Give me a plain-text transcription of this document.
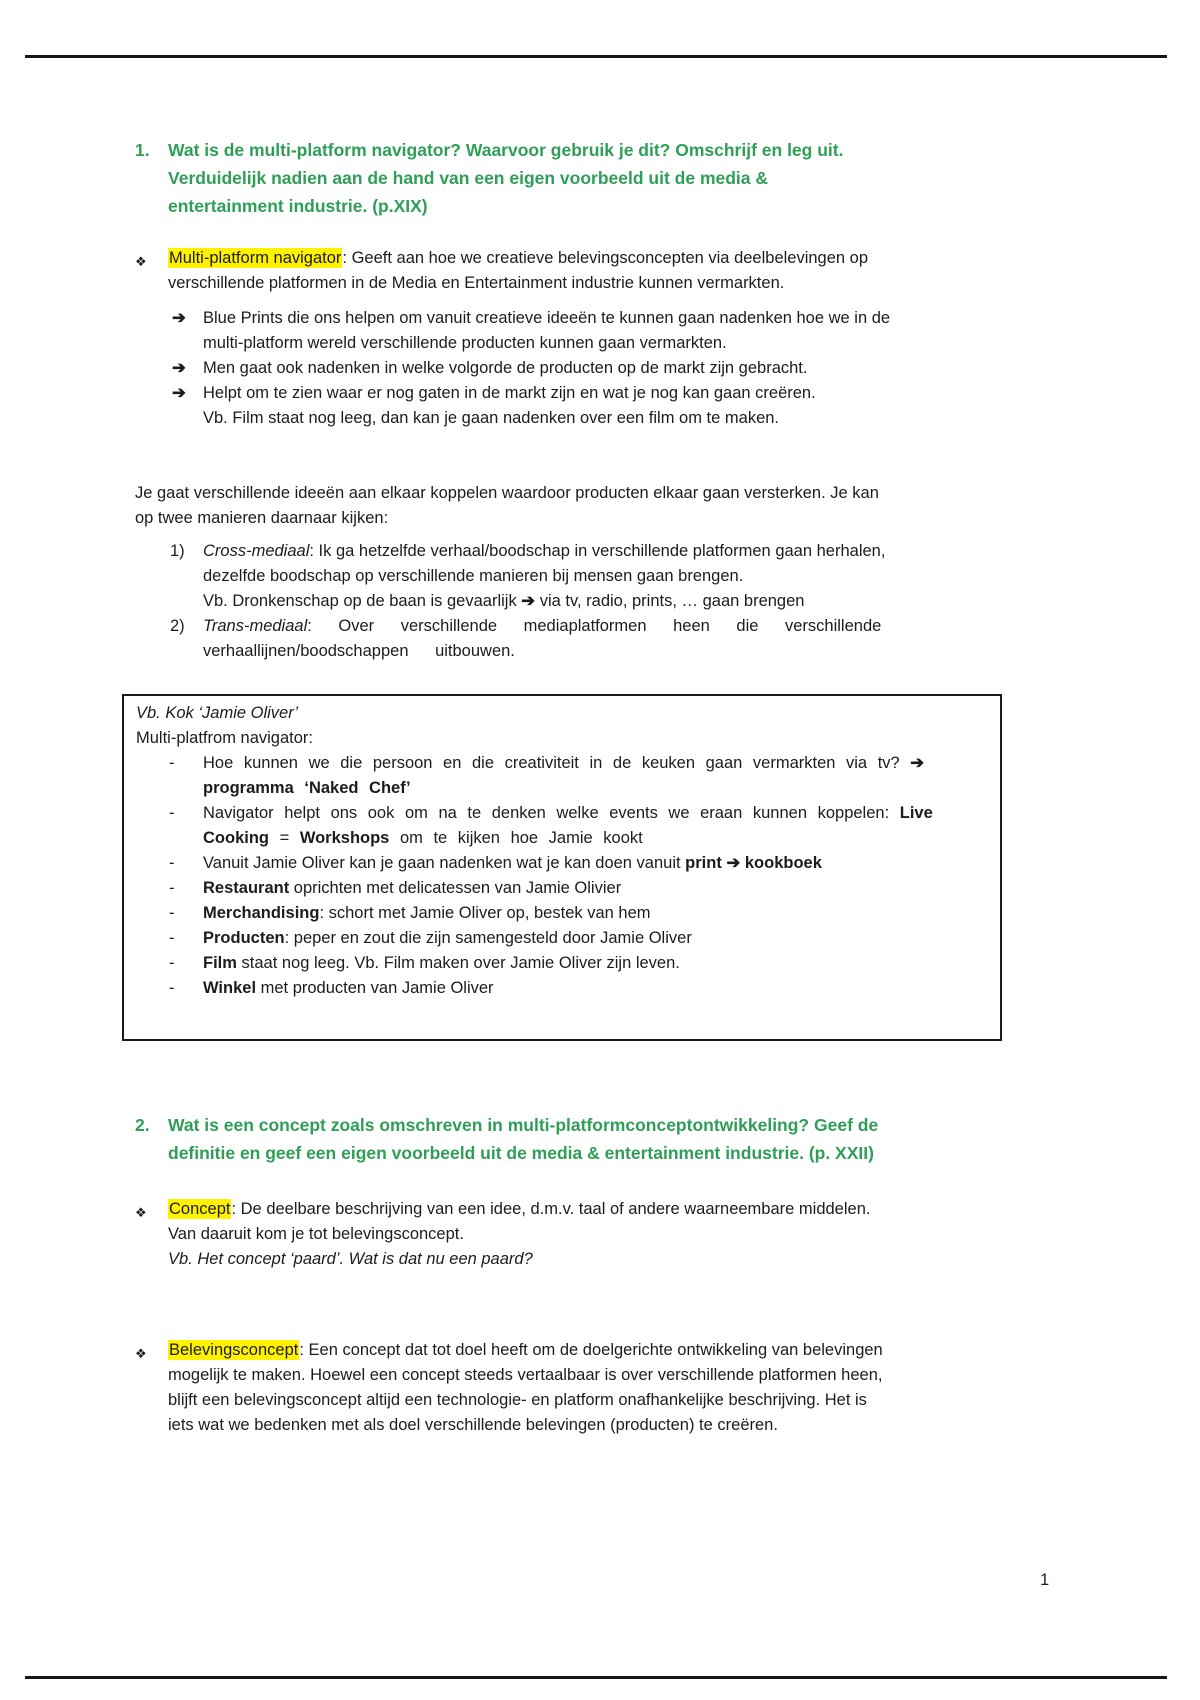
1.	Wat is de multi-platform navigator? Waarvoor gebruik je dit? Omschrijf en leg uit.
Verduidelijk nadien aan de hand van een eigen voorbeeld uit de media &
entertainment industrie. (p.XIX)
❖	Multi-platform navigator: Geeft aan hoe we creatieve belevingsconcepten via deelbelevingen op
verschillende platformen in de Media en Entertainment industrie kunnen vermarkten.
➔	Blue Prints die ons helpen om vanuit creatieve ideeën te kunnen gaan nadenken hoe we in de
multi-platform wereld verschillende producten kunnen gaan vermarkten.
➔	Men gaat ook nadenken in welke volgorde de producten op de markt zijn gebracht.
➔	Helpt om te zien waar er nog gaten in de markt zijn en wat je nog kan gaan creëren.
Vb. Film staat nog leeg, dan kan je gaan nadenken over een film om te maken.
Je gaat verschillende ideeën aan elkaar koppelen waardoor producten elkaar gaan versterken. Je kan
op twee manieren daarnaar kijken:
1)	Cross-mediaal: Ik ga hetzelfde verhaal/boodschap in verschillende platformen gaan herhalen,
dezelfde boodschap op verschillende manieren bij mensen gaan brengen.
Vb. Dronkenschap op de baan is gevaarlijk ➔ via tv, radio, prints, … gaan brengen
2)	Trans-mediaal: Over verschillende mediaplatformen heen die verschillende verhaallijnen/boodschappen uitbouwen.
Vb. Kok ‘Jamie Oliver’
Multi-platfrom navigator:
-	Hoe kunnen we die persoon en die creativiteit in de keuken gaan vermarkten via tv? ➔
programma ‘Naked Chef’
-	Navigator helpt ons ook om na te denken welke events we eraan kunnen koppelen: Live
Cooking = Workshops om te kijken hoe Jamie kookt
-	Vanuit Jamie Oliver kan je gaan nadenken wat je kan doen vanuit print ➔ kookboek
-	Restaurant oprichten met delicatessen van Jamie Olivier
-	Merchandising: schort met Jamie Oliver op, bestek van hem
-	Producten: peper en zout die zijn samengesteld door Jamie Oliver
-	Film staat nog leeg. Vb. Film maken over Jamie Oliver zijn leven.
-	Winkel met producten van Jamie Oliver
2.	Wat is een concept zoals omschreven in multi-platformconceptontwikkeling? Geef de
definitie en geef een eigen voorbeeld uit de media & entertainment industrie. (p. XXII)
❖	Concept: De deelbare beschrijving van een idee, d.m.v. taal of andere waarneembare middelen.
Van daaruit kom je tot belevingsconcept.
Vb. Het concept ‘paard’. Wat is dat nu een paard?
❖	Belevingsconcept: Een concept dat tot doel heeft om de doelgerichte ontwikkeling van belevingen
mogelijk te maken. Hoewel een concept steeds vertaalbaar is over verschillende platformen heen,
blijft een belevingsconcept altijd een technologie- en platform onafhankelijke beschrijving. Het is
iets wat we bedenken met als doel verschillende belevingen (producten) te creëren.
1
